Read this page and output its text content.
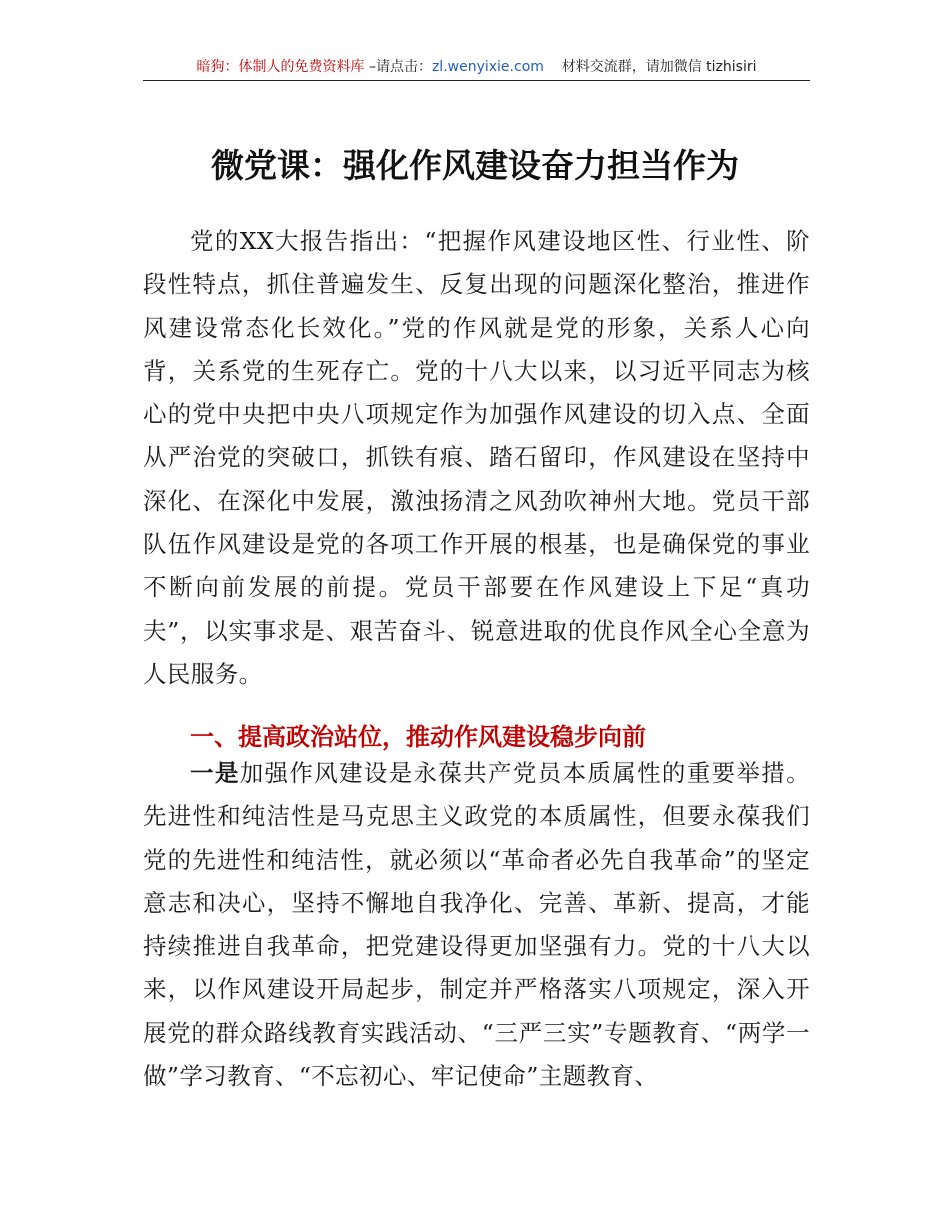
暗狗：体制人的免费资料库 –请点击：zl.wenyixie.com 材料交流群，请加微信 tizhisiri
微党课：强化作风建设奋力担当作为

党的XX大报告指出：“把握作风建设地区性、行业性、阶段性特点，抓住普遍发生、反复出现的问题深化整治，推进作风建设常态化长效化。”党的作风就是党的形象，关系人心向背，关系党的生死存亡。党的十八大以来，以习近平同志为核心的党中央把中央八项规定作为加强作风建设的切入点、全面从严治党的突破口，抓铁有痕、踏石留印，作风建设在坚持中深化、在深化中发展，激浊扬清之风劲吹神州大地。党员干部队伍作风建设是党的各项工作开展的根基，也是确保党的事业不断向前发展的前提。党员干部要在作风建设上下足“真功夫”，以实事求是、艰苦奋斗、锐意进取的优良作风全心全意为人民服务。

一、提高政治站位，推动作风建设稳步向前

一是加强作风建设是永葆共产党员本质属性的重要举措。先进性和纯洁性是马克思主义政党的本质属性，但要永葆我们党的先进性和纯洁性，就必须以“革命者必先自我革命”的坚定意志和决心，坚持不懈地自我净化、完善、革新、提高，才能持续推进自我革命，把党建设得更加坚强有力。党的十八大以来，以作风建设开局起步，制定并严格落实八项规定，深入开展党的群众路线教育实践活动、“三严三实”专题教育、“两学一做”学习教育、“不忘初心、牢记使命”主题教育、
